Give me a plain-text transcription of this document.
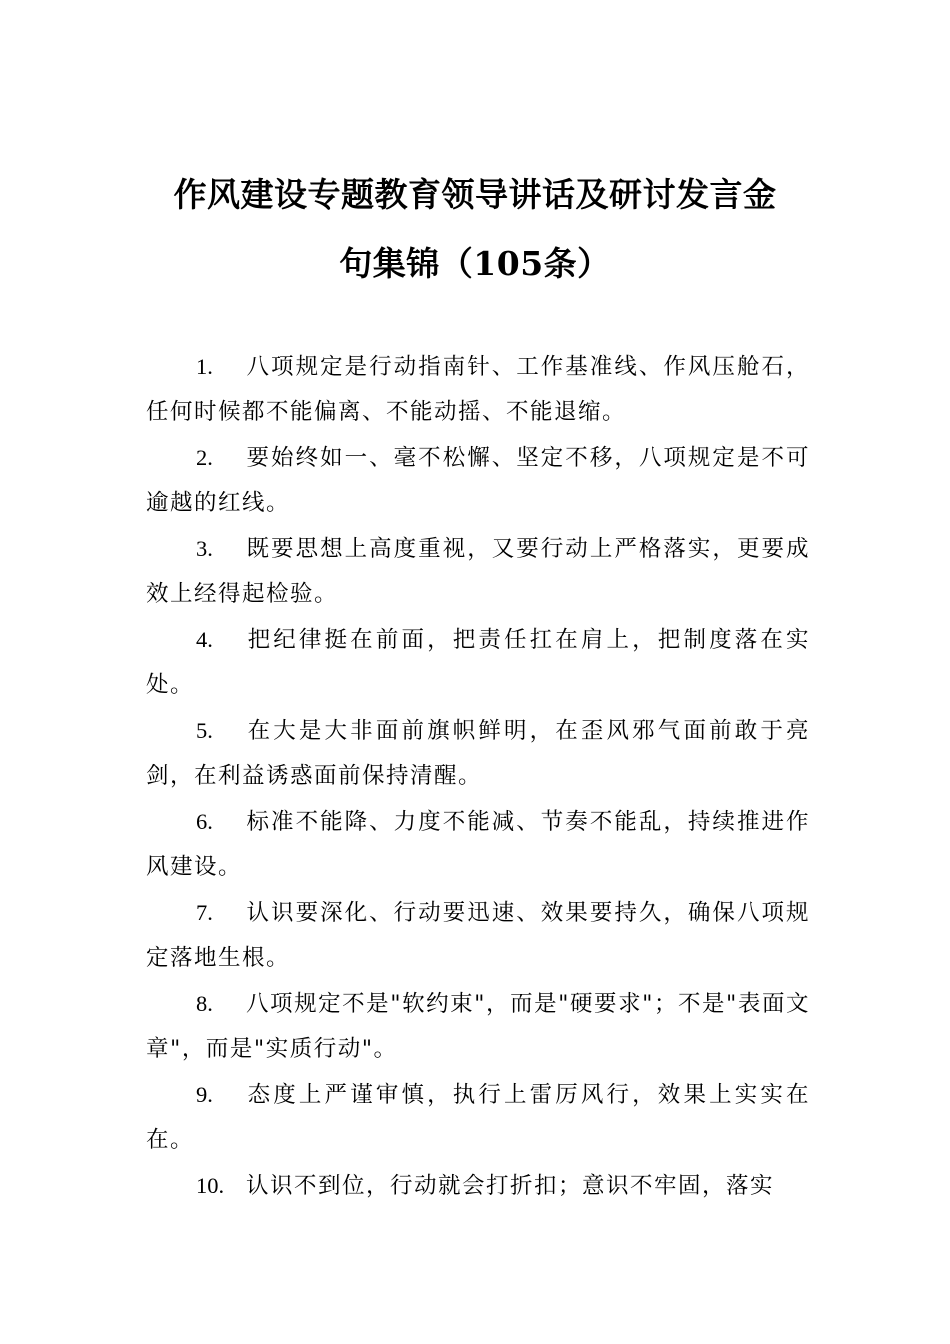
作风建设专题教育领导讲话及研讨发言金
句集锦（105条）

1. 八项规定是行动指南针、工作基准线、作风压舱石，任何时候都不能偏离、不能动摇、不能退缩。

2. 要始终如一、毫不松懈、坚定不移，八项规定是不可逾越的红线。

3. 既要思想上高度重视，又要行动上严格落实，更要成效上经得起检验。

4. 把纪律挺在前面，把责任扛在肩上，把制度落在实处。

5. 在大是大非面前旗帜鲜明，在歪风邪气面前敢于亮剑，在利益诱惑面前保持清醒。

6. 标准不能降、力度不能减、节奏不能乱，持续推进作风建设。

7. 认识要深化、行动要迅速、效果要持久，确保八项规定落地生根。

8. 八项规定不是"软约束"，而是"硬要求"；不是"表面文章"，而是"实质行动"。

9. 态度上严谨审慎，执行上雷厉风行，效果上实实在在。

10. 认识不到位，行动就会打折扣；意识不牢固，落实
